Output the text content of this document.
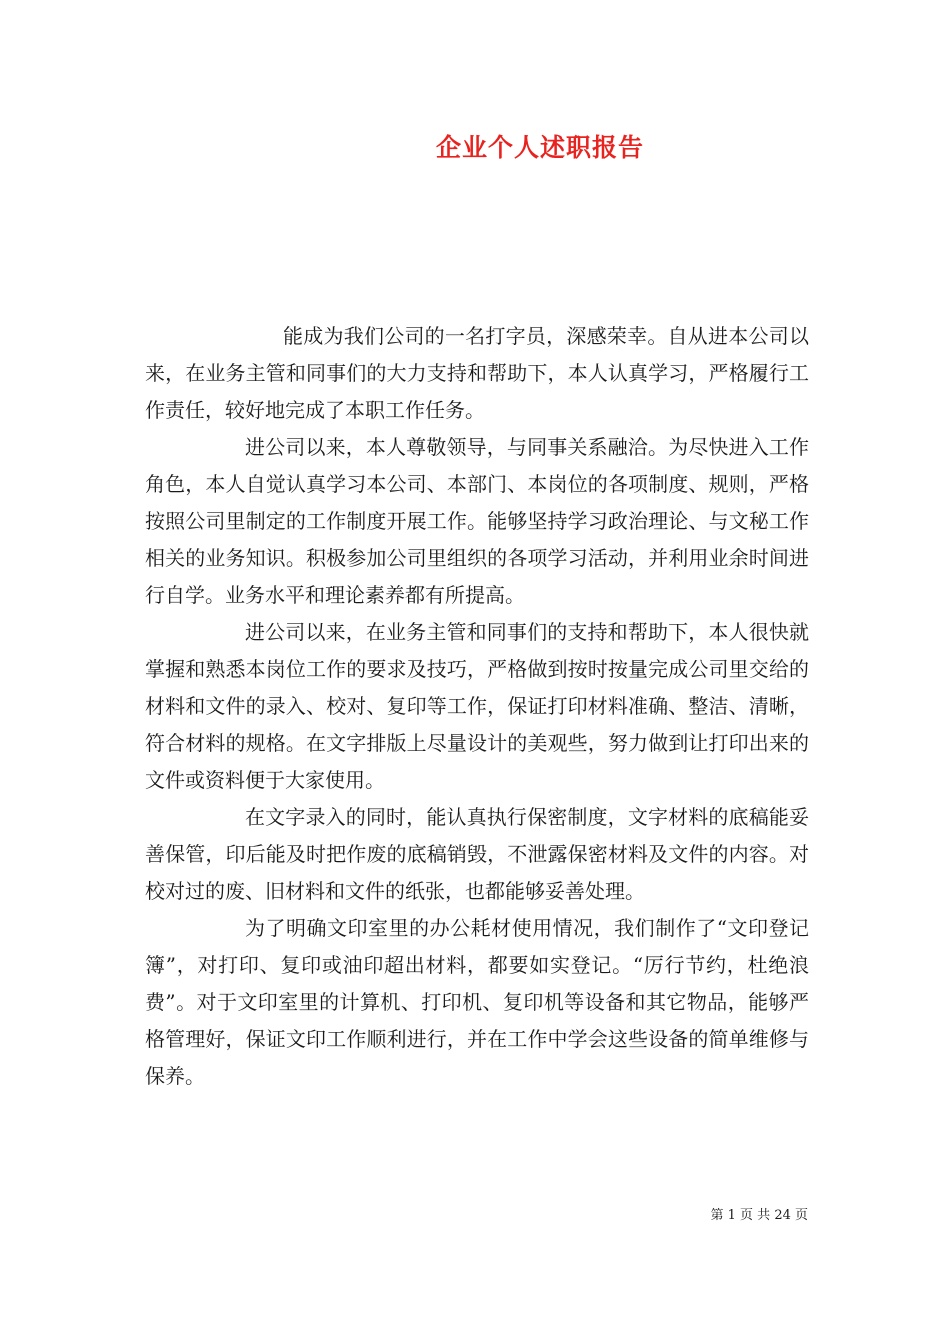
企业个人述职报告

能成为我们公司的一名打字员，深感荣幸。自从进本公司以来，在业务主管和同事们的大力支持和帮助下，本人认真学习，严格履行工作责任，较好地完成了本职工作任务。

进公司以来，本人尊敬领导，与同事关系融洽。为尽快进入工作角色，本人自觉认真学习本公司、本部门、本岗位的各项制度、规则，严格按照公司里制定的工作制度开展工作。能够坚持学习政治理论、与文秘工作相关的业务知识。积极参加公司里组织的各项学习活动，并利用业余时间进行自学。业务水平和理论素养都有所提高。

进公司以来，在业务主管和同事们的支持和帮助下，本人很快就掌握和熟悉本岗位工作的要求及技巧，严格做到按时按量完成公司里交给的材料和文件的录入、校对、复印等工作，保证打印材料准确、整洁、清晰，符合材料的规格。在文字排版上尽量设计的美观些，努力做到让打印出来的文件或资料便于大家使用。

在文字录入的同时，能认真执行保密制度，文字材料的底稿能妥善保管，印后能及时把作废的底稿销毁，不泄露保密材料及文件的内容。对校对过的废、旧材料和文件的纸张，也都能够妥善处理。

为了明确文印室里的办公耗材使用情况，我们制作了“文印登记簿”，对打印、复印或油印超出材料，都要如实登记。“厉行节约，杜绝浪费”。对于文印室里的计算机、打印机、复印机等设备和其它物品，能够严格管理好，保证文印工作顺利进行，并在工作中学会这些设备的简单维修与保养。

第 1 页 共 24 页
